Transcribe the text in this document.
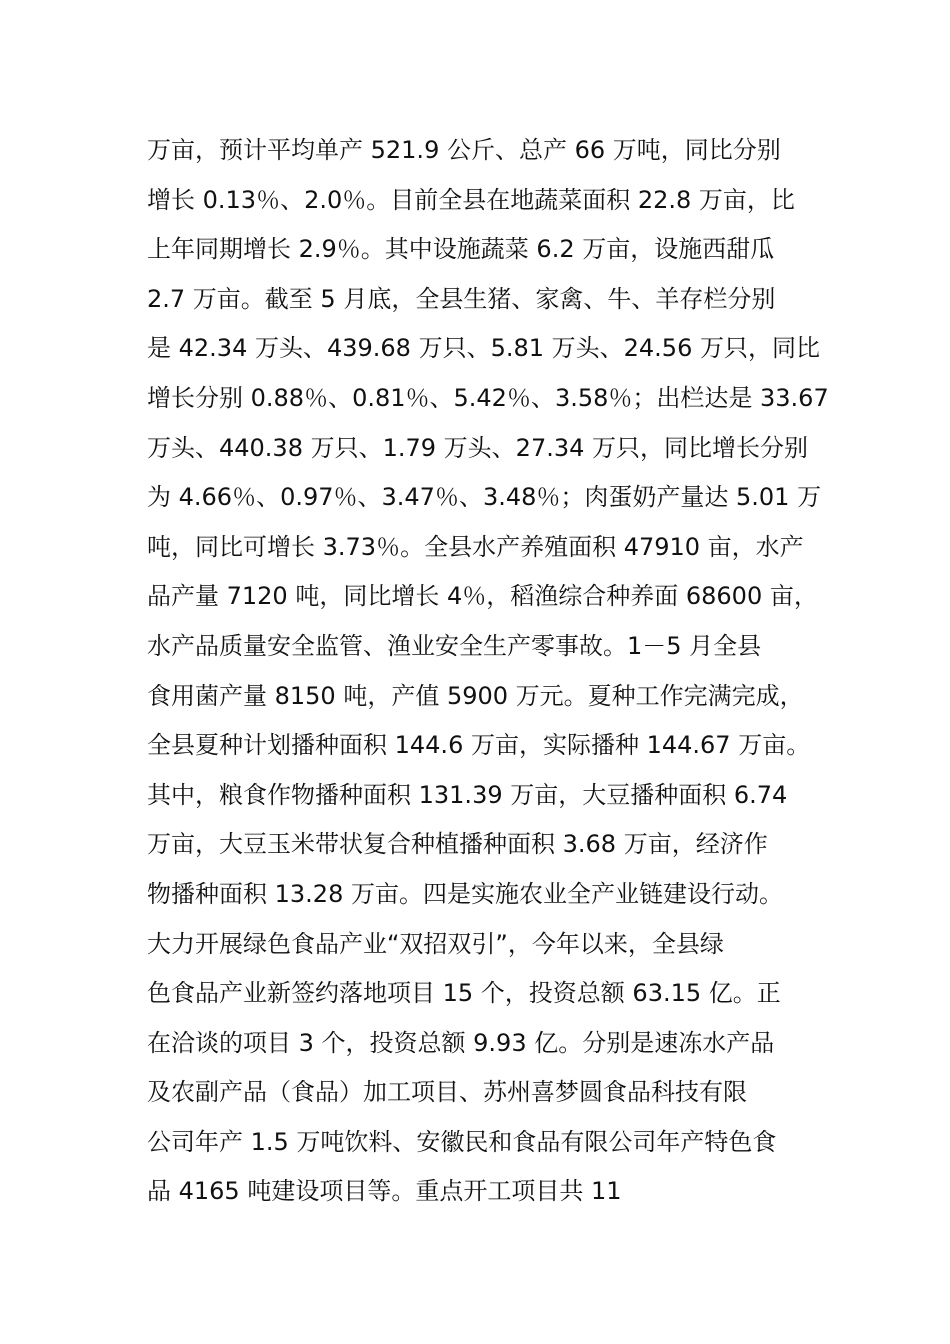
万亩，预计平均单产 521.9 公斤、总产 66 万吨，同比分别
增长 0.13％、2.0％。目前全县在地蔬菜面积 22.8 万亩，比
上年同期增长 2.9％。其中设施蔬菜 6.2 万亩，设施西甜瓜
2.7 万亩。截至 5 月底，全县生猪、家禽、牛、羊存栏分别
是 42.34 万头、439.68 万只、5.81 万头、24.56 万只，同比
增长分别 0.88％、0.81％、5.42％、3.58％；出栏达是 33.67
万头、440.38 万只、1.79 万头、27.34 万只，同比增长分别
为 4.66％、0.97％、3.47％、3.48％；肉蛋奶产量达 5.01 万
吨，同比可增长 3.73％。全县水产养殖面积 47910 亩，水产
品产量 7120 吨，同比增长 4％，稻渔综合种养面 68600 亩，
水产品质量安全监管、渔业安全生产零事故。1－5 月全县
食用菌产量 8150 吨，产值 5900 万元。夏种工作完满完成，
全县夏种计划播种面积 144.6 万亩，实际播种 144.67 万亩。
其中，粮食作物播种面积 131.39 万亩，大豆播种面积 6.74
万亩，大豆玉米带状复合种植播种面积 3.68 万亩，经济作
物播种面积 13.28 万亩。四是实施农业全产业链建设行动。
大力开展绿色食品产业“双招双引”，今年以来，全县绿
色食品产业新签约落地项目 15 个，投资总额 63.15 亿。正
在洽谈的项目 3 个，投资总额 9.93 亿。分别是速冻水产品
及农副产品（食品）加工项目、苏州喜梦圆食品科技有限
公司年产 1.5 万吨饮料、安徽民和食品有限公司年产特色食
品 4165 吨建设项目等。重点开工项目共 11
